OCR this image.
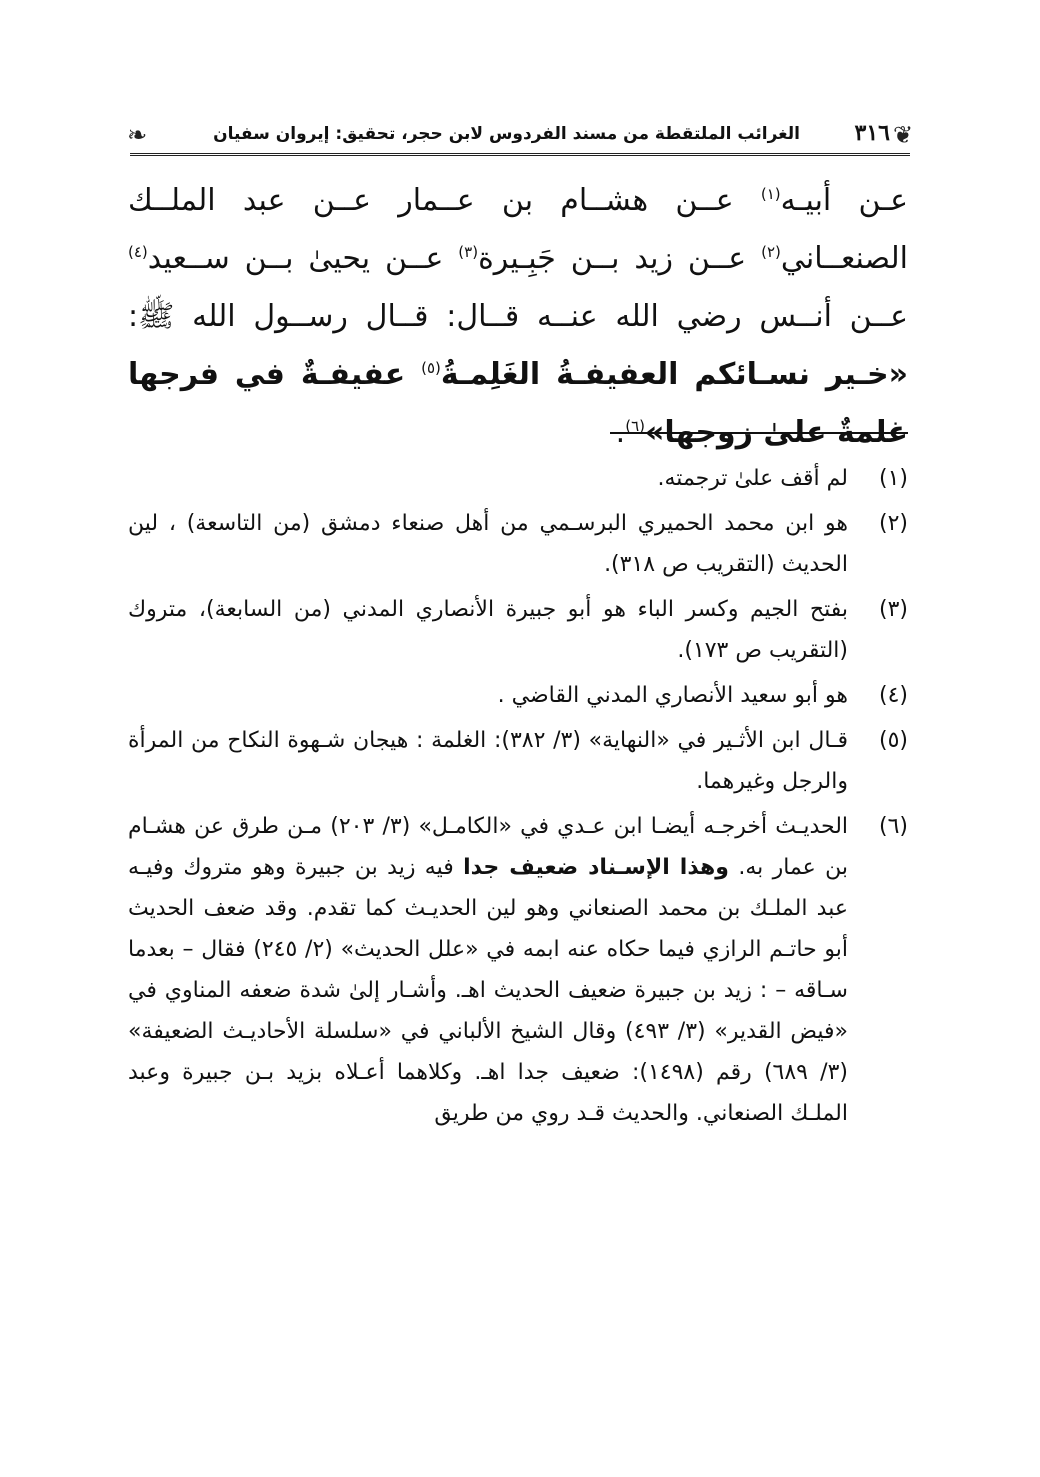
❦
٣١٦
الغرائب الملتقطة من مسند الفردوس لابن حجر، تحقيق: إيروان سفيان
❧
عـن أبيـه$^{(١)}$ عــن هشــام بن عــمار عــن عبد الملــك الصنعــاني$^{(٢)}$ عــن زيد بــن جَبِـيرة$^{(٣)}$ عــن يحيىٰ بــن ســعيد$^{(٤)}$ عــن أنــس رضي الله عنــه قــال: قــال رســول الله ﷺ: «خـير نسـائكم العفيفـةُ الغَلِمـةُ$^{(٥)}$ عفيفـةٌ في فرجها غلمةٌ علىٰ زوجها»$^{(٦)}$.
(١)
لم أقف علىٰ ترجمته.
(٢)
هو ابن محمد الحميري البرسـمي من أهل صنعاء دمشق (من التاسعة) ، لين الحديث (التقريب ص ٣١٨).
(٣)
بفتح الجيم وكسر الباء هو أبو جبيرة الأنصاري المدني (من السابعة)، متروك (التقريب ص ١٧٣).
(٤)
هو أبو سعيد الأنصاري المدني القاضي .
(٥)
قـال ابن الأثـير في «النهاية» (٣/ ٣٨٢): الغلمة : هيجان شـهوة النكاح من المرأة والرجل وغيرهما.
(٦)
الحديـث أخرجـه أيضـا ابن عـدي في «الكامـل» (٣/ ٢٠٣) مـن طرق عن هشـام بن عمار به. وهذا الإسـناد ضعيف جدا فيه زيد بن جبيرة وهو متروك وفيـه عبد الملـك بن محمد الصنعاني وهو لين الحديـث كما تقدم. وقد ضعف الحديث أبو حاتـم الرازي فيما حكاه عنه ابمه في «علل الحديث» (٢/ ٢٤٥) فقال – بعدما سـاقه – : زيد بن جبيرة ضعيف الحديث اهـ. وأشـار إلىٰ شدة ضعفه المناوي في «فيض القدير» (٣/ ٤٩٣) وقال الشيخ الألباني في «سلسلة الأحاديـث الضعيفة» (٣/ ٦٨٩) رقم (١٤٩٨): ضعيف جدا اهـ. وكلاهما أعـلاه بزيد بـن جبيرة وعبد الملـك الصنعاني. والحديث قـد روي من طريق
